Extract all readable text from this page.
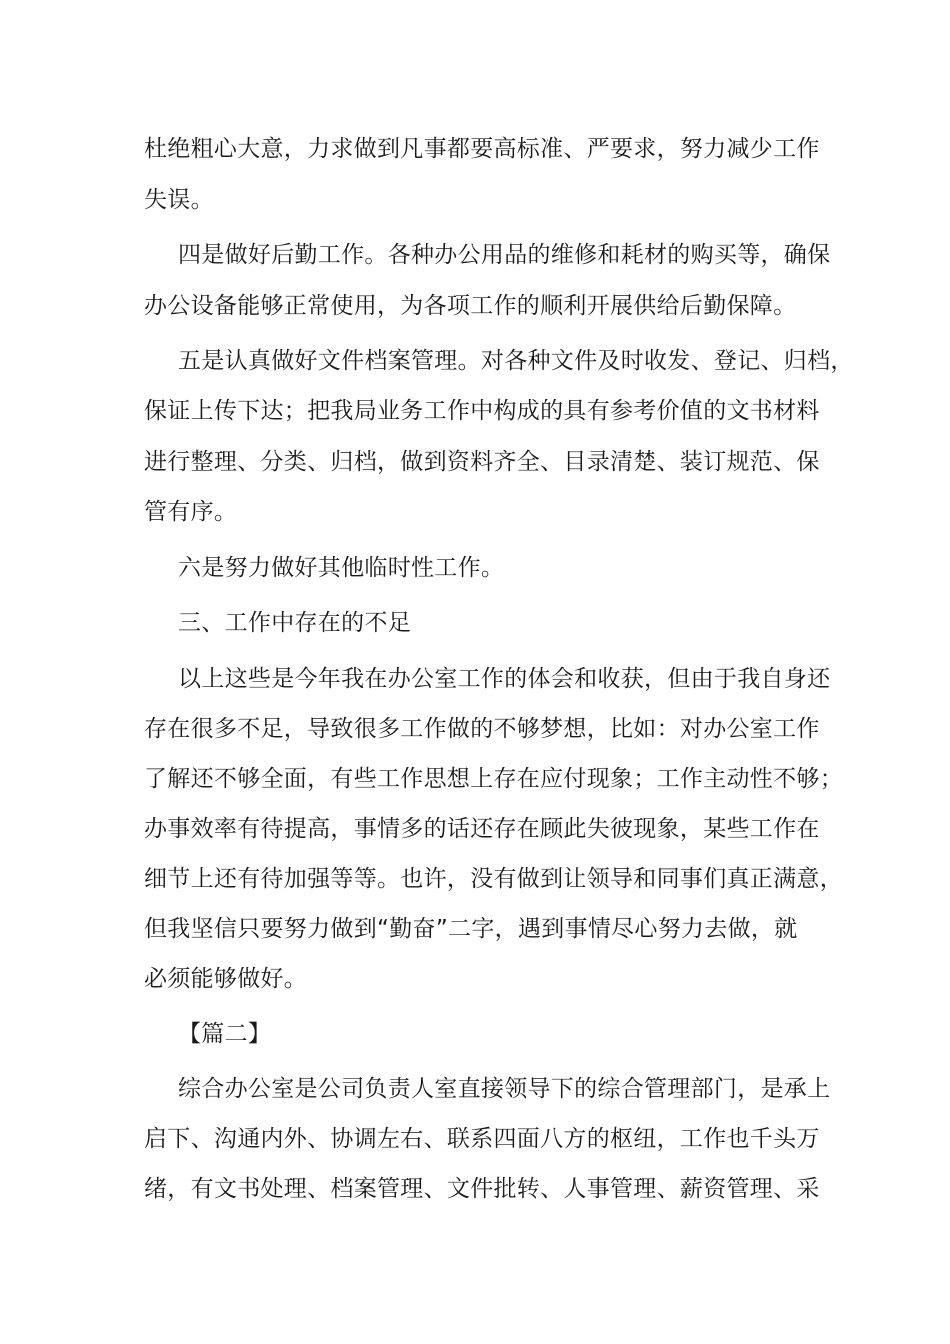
杜绝粗心大意，力求做到凡事都要高标准、严要求，努力减少工作
失误。
四是做好后勤工作。各种办公用品的维修和耗材的购买等，确保
办公设备能够正常使用，为各项工作的顺利开展供给后勤保障。
五是认真做好文件档案管理。对各种文件及时收发、登记、归档，
保证上传下达；把我局业务工作中构成的具有参考价值的文书材料
进行整理、分类、归档，做到资料齐全、目录清楚、装订规范、保
管有序。
六是努力做好其他临时性工作。
三、工作中存在的不足
以上这些是今年我在办公室工作的体会和收获，但由于我自身还
存在很多不足，导致很多工作做的不够梦想，比如：对办公室工作
了解还不够全面，有些工作思想上存在应付现象；工作主动性不够；
办事效率有待提高，事情多的话还存在顾此失彼现象，某些工作在
细节上还有待加强等等。也许，没有做到让领导和同事们真正满意，
但我坚信只要努力做到“勤奋”二字，遇到事情尽心努力去做，就
必须能够做好。
【篇二】
综合办公室是公司负责人室直接领导下的综合管理部门，是承上
启下、沟通内外、协调左右、联系四面八方的枢纽，工作也千头万
绪，有文书处理、档案管理、文件批转、人事管理、薪资管理、采
